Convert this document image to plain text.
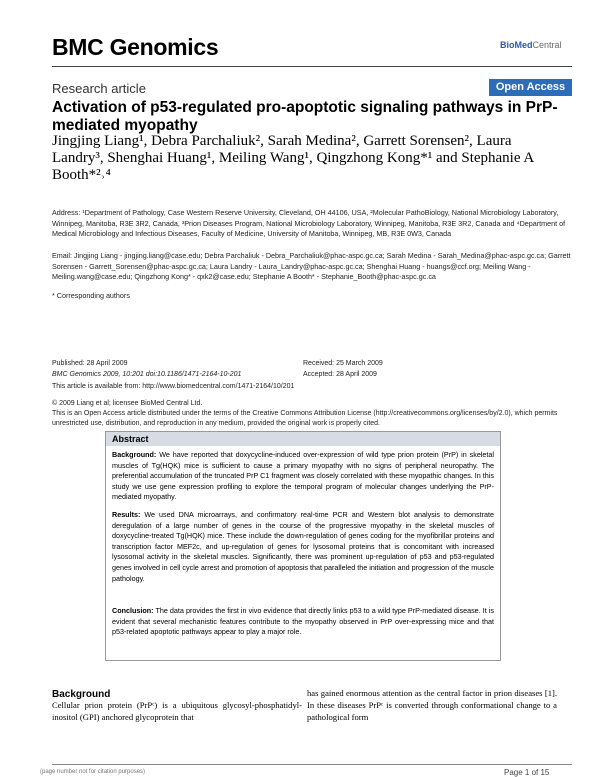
BMC Genomics	BioMedCentral
Research article	Open Access
Activation of p53-regulated pro-apoptotic signaling pathways in PrP-mediated myopathy
Jingjing Liang¹, Debra Parchaliuk², Sarah Medina², Garrett Sorensen², Laura Landry³, Shenghai Huang¹, Meiling Wang¹, Qingzhong Kong*¹ and Stephanie A Booth*²˒⁴
Address: ¹Department of Pathology, Case Western Reserve University, Cleveland, OH 44106, USA, ²Molecular PathoBiology, National Microbiology Laboratory, Winnipeg, Manitoba, R3E 3R2, Canada, ³Prion Diseases Program, National Microbiology Laboratory, Winnipeg, Manitoba, R3E 3R2, Canada and ⁴Department of Medical Microbiology and Infectious Diseases, Faculty of Medicine, University of Manitoba, Winnipeg, MB, R3E 0W3, Canada
Email: Jingjing Liang - jingjing.liang@case.edu; Debra Parchaliuk - Debra_Parchaliuk@phac-aspc.gc.ca; Sarah Medina - Sarah_Medina@phac-aspc.gc.ca; Garrett Sorensen - Garrett_Sorensen@phac-aspc.gc.ca; Laura Landry - Laura_Landry@phac-aspc.gc.ca; Shenghai Huang - huangs@ccf.org; Meiling Wang - Meiling.wang@case.edu; Qingzhong Kong* - qxk2@case.edu; Stephanie A Booth* - Stephanie_Booth@phac-aspc.gc.ca
* Corresponding authors
Published: 28 April 2009
BMC Genomics 2009, 10:201 doi:10.1186/1471-2164-10-201
Received: 25 March 2009
Accepted: 28 April 2009
This article is available from: http://www.biomedcentral.com/1471-2164/10/201
© 2009 Liang et al; licensee BioMed Central Ltd.
This is an Open Access article distributed under the terms of the Creative Commons Attribution License (http://creativecommons.org/licenses/by/2.0), which permits unrestricted use, distribution, and reproduction in any medium, provided the original work is properly cited.
Abstract
Background: We have reported that doxycycline-induced over-expression of wild type prion protein (PrP) in skeletal muscles of Tg(HQK) mice is sufficient to cause a primary myopathy with no signs of peripheral neuropathy. The preferential accumulation of the truncated PrP C1 fragment was closely correlated with these myopathic changes. In this study we use gene expression profiling to explore the temporal program of molecular changes underlying the PrP-mediated myopathy.
Results: We used DNA microarrays, and confirmatory real-time PCR and Western blot analysis to demonstrate deregulation of a large number of genes in the course of the progressive myopathy in the skeletal muscles of doxycycline-treated Tg(HQK) mice. These include the down-regulation of genes coding for the myofibrillar proteins and transcription factor MEF2c, and up-regulation of genes for lysosomal proteins that is concomitant with increased lysosomal activity in the skeletal muscles. Significantly, there was prominent up-regulation of p53 and p53-regulated genes involved in cell cycle arrest and promotion of apoptosis that paralleled the initiation and progression of the muscle pathology.
Conclusion: The data provides the first in vivo evidence that directly links p53 to a wild type PrP-mediated disease. It is evident that several mechanistic features contribute to the myopathy observed in PrP over-expressing mice and that p53-related apoptotic pathways appear to play a major role.
Background
Cellular prion protein (PrPᶜ) is a ubiquitous glycosyl-phosphatidyl-inositol (GPI) anchored glycoprotein that
has gained enormous attention as the central factor in prion diseases [1]. In these diseases PrPᶜ is converted through conformational change to a pathological form
(page number not for citation purposes)	Page 1 of 15
